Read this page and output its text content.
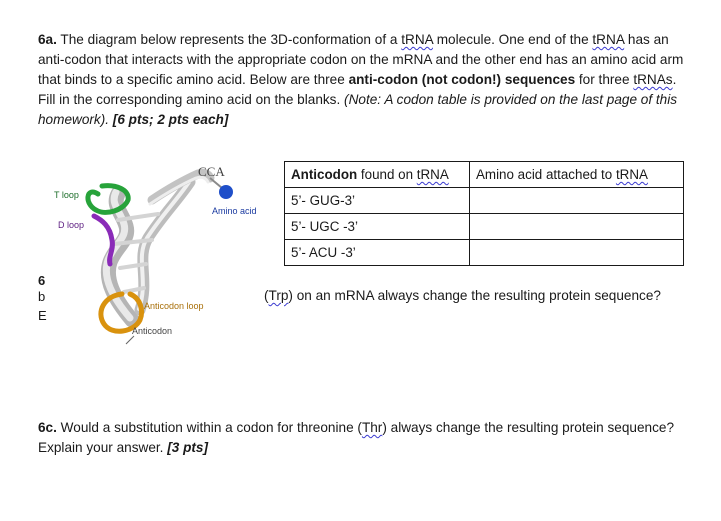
6a. The diagram below represents the 3D-conformation of a tRNA molecule. One end of the tRNA has an anti-codon that interacts with the appropriate codon on the mRNA and the other end has an amino acid arm that binds to a specific amino acid. Below are three anti-codon (not codon!) sequences for three tRNAs. Fill in the corresponding amino acid on the blanks. (Note: A codon table is provided on the last page of this homework). [6 pts; 2 pts each]

CCA
Amino acid
T loop
D loop
Anticodon loop
Anticodon
6
b
E
Anticodon found on tRNA	Amino acid attached to tRNA
5’- GUG-3’	
5’- UGC -3’	
5’- ACU -3’	
(Trp) on an mRNA always change the resulting protein sequence?

6c. Would a substitution within a codon for threonine (Thr) always change the resulting protein sequence? Explain your answer. [3 pts]
